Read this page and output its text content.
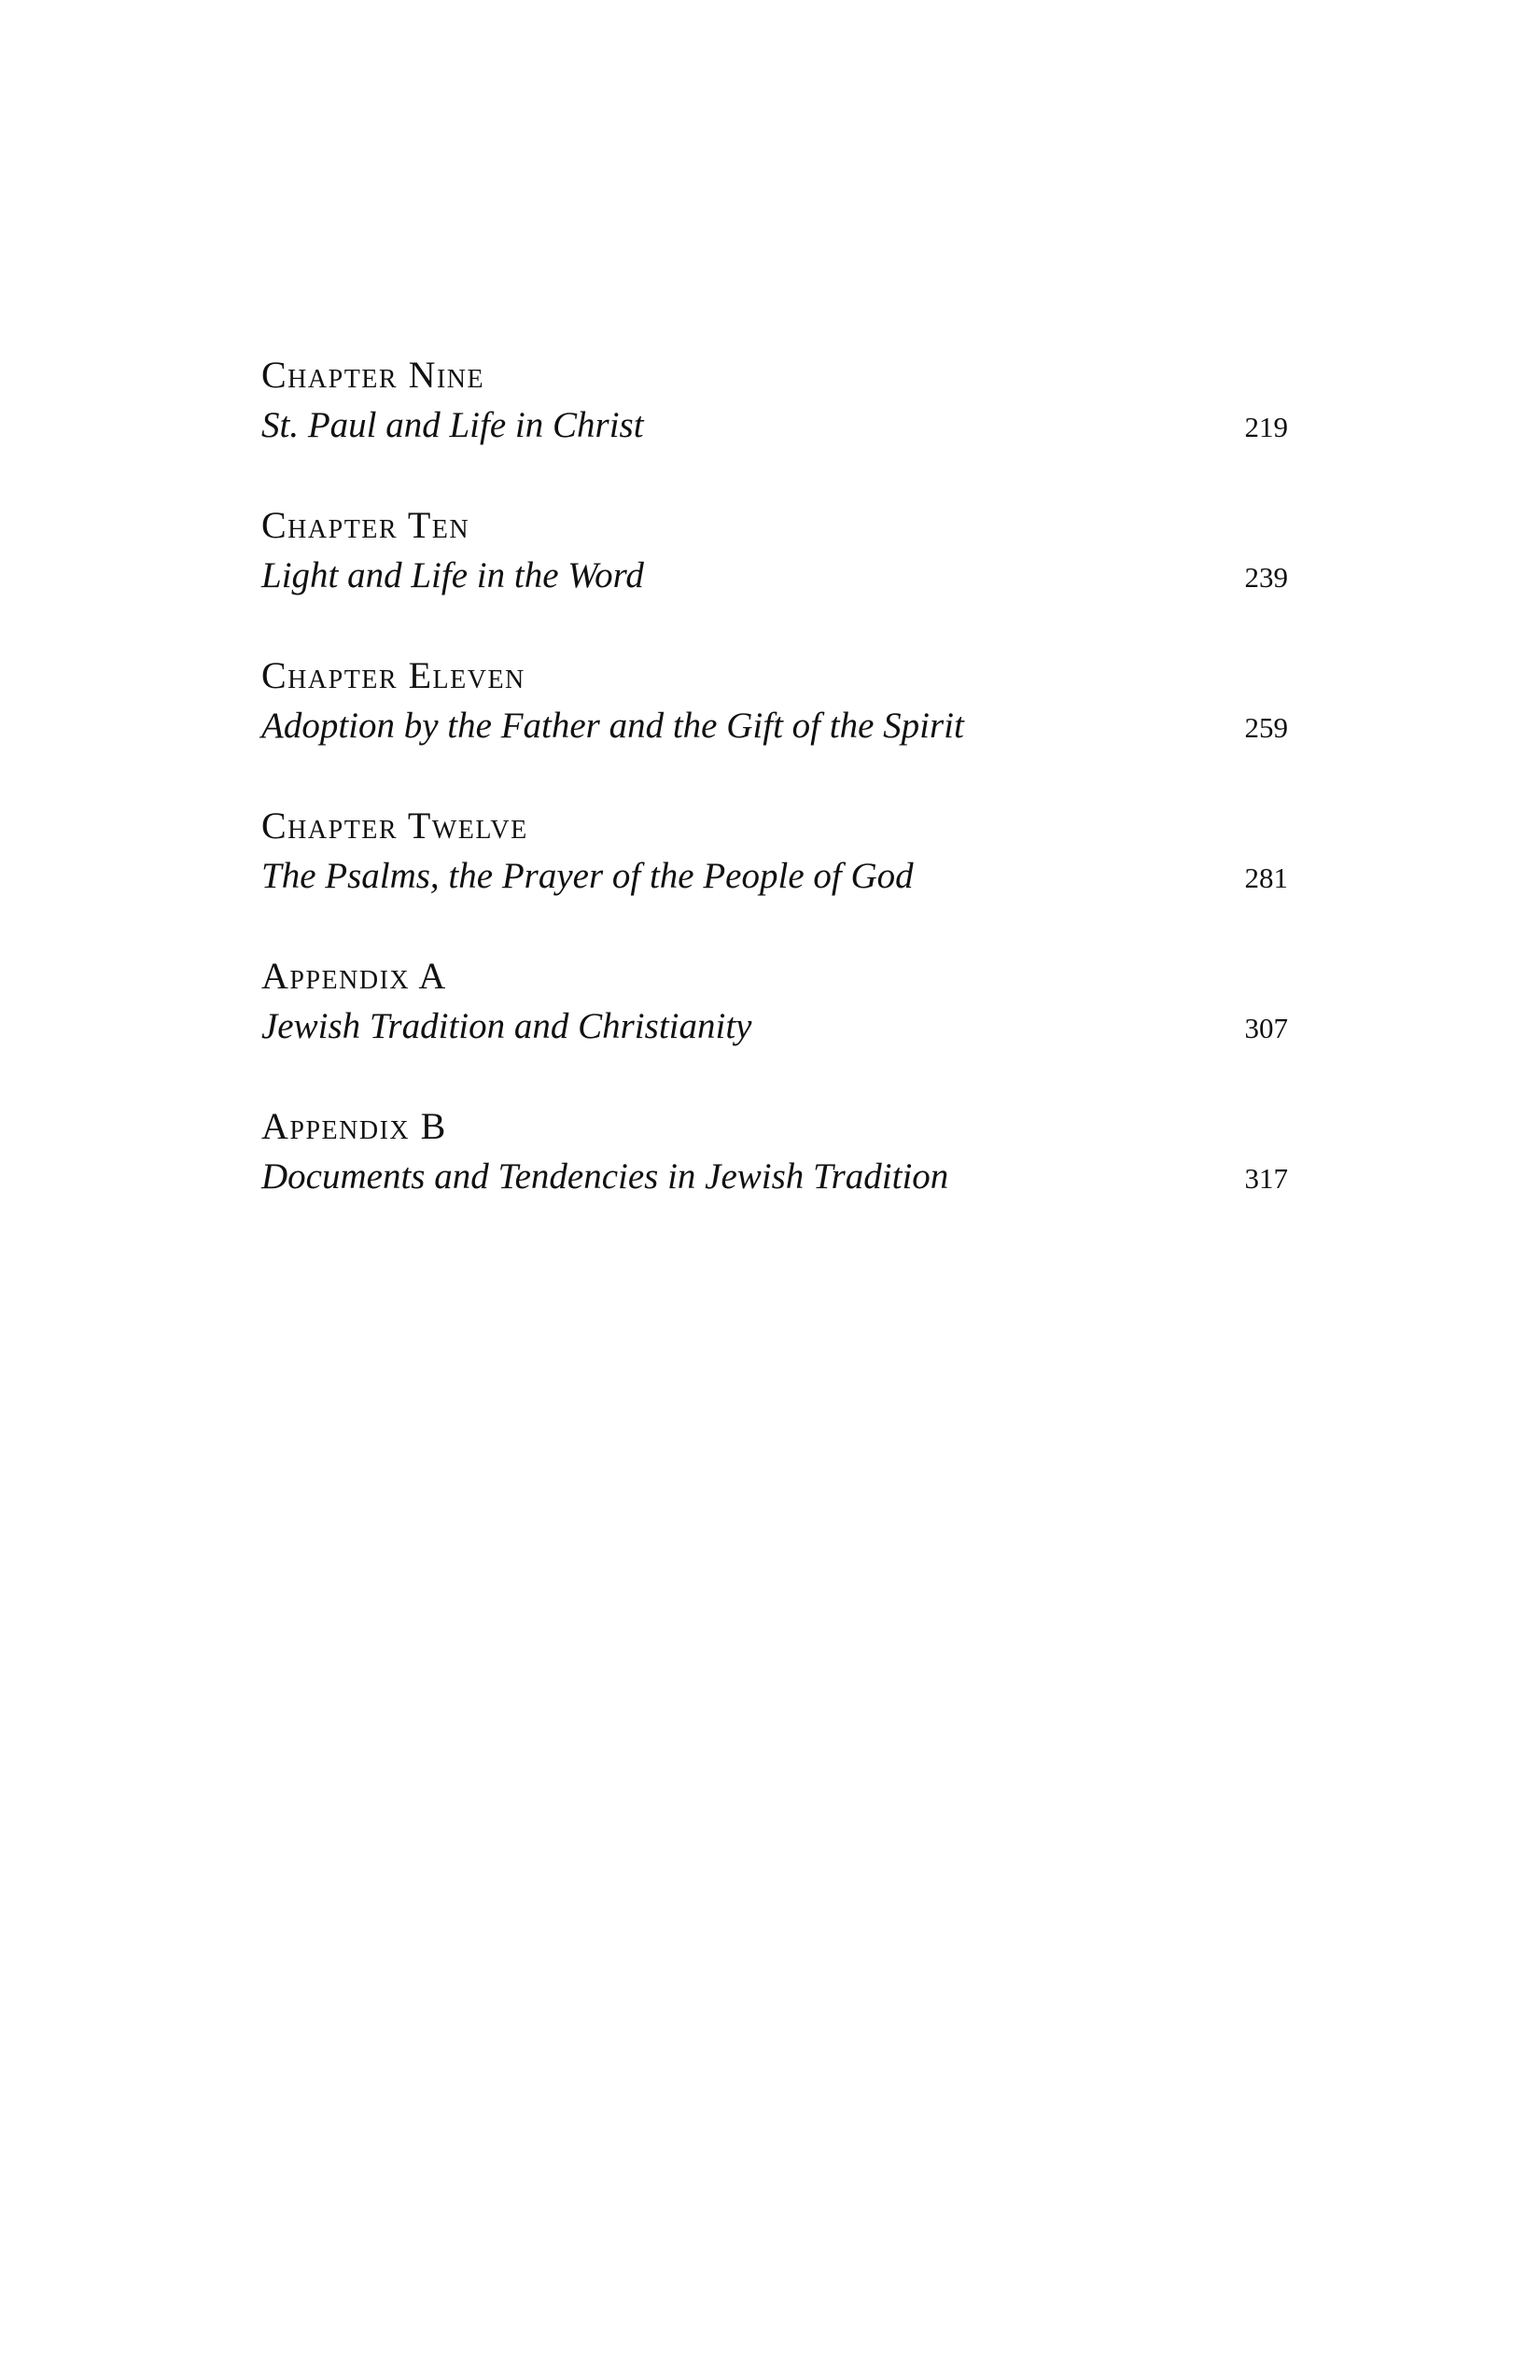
Chapter Nine
St. Paul and Life in Christ	219
Chapter Ten
Light and Life in the Word	239
Chapter Eleven
Adoption by the Father and the Gift of the Spirit	259
Chapter Twelve
The Psalms, the Prayer of the People of God	281
Appendix A
Jewish Tradition and Christianity	307
Appendix B
Documents and Tendencies in Jewish Tradition	317
